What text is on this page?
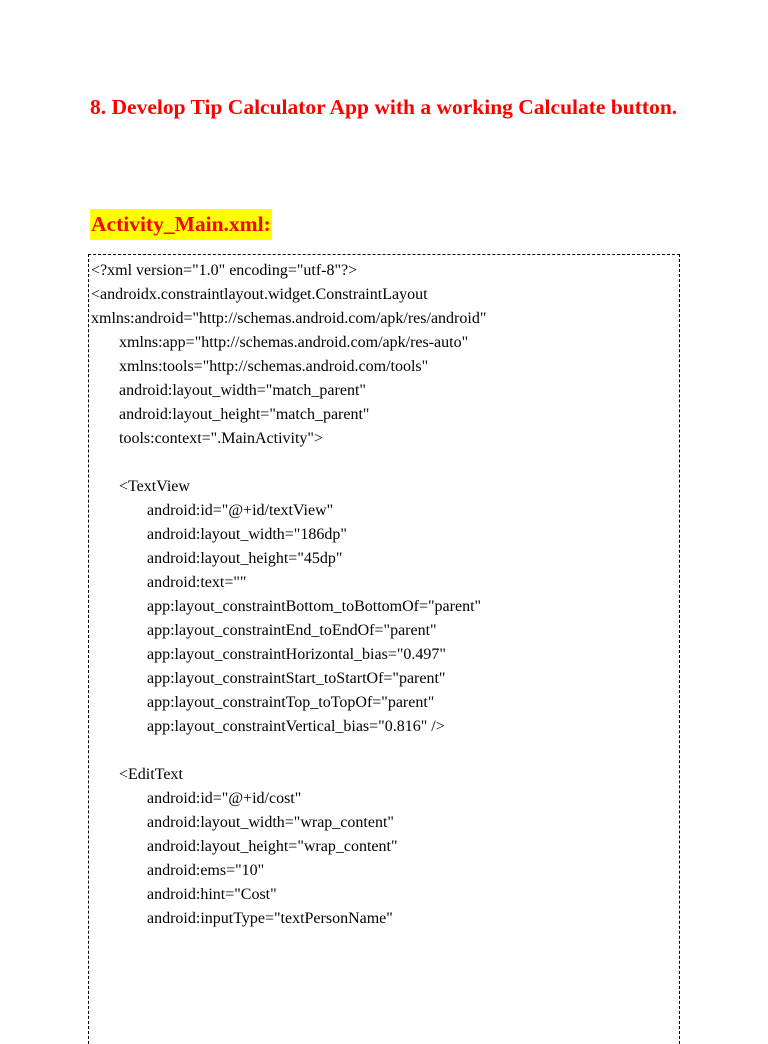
8. Develop Tip Calculator App with a working Calculate button.
Activity_Main.xml:
<?xml version="1.0" encoding="utf-8"?>
<androidx.constraintlayout.widget.ConstraintLayout
xmlns:android="http://schemas.android.com/apk/res/android"
xmlns:app="http://schemas.android.com/apk/res-auto"
xmlns:tools="http://schemas.android.com/tools"
android:layout_width="match_parent"
android:layout_height="match_parent"
tools:context=".MainActivity">
<TextView
android:id="@+id/textView"
android:layout_width="186dp"
android:layout_height="45dp"
android:text=""
app:layout_constraintBottom_toBottomOf="parent"
app:layout_constraintEnd_toEndOf="parent"
app:layout_constraintHorizontal_bias="0.497"
app:layout_constraintStart_toStartOf="parent"
app:layout_constraintTop_toTopOf="parent"
app:layout_constraintVertical_bias="0.816" />
<EditText
android:id="@+id/cost"
android:layout_width="wrap_content"
android:layout_height="wrap_content"
android:ems="10"
android:hint="Cost"
android:inputType="textPersonName"
